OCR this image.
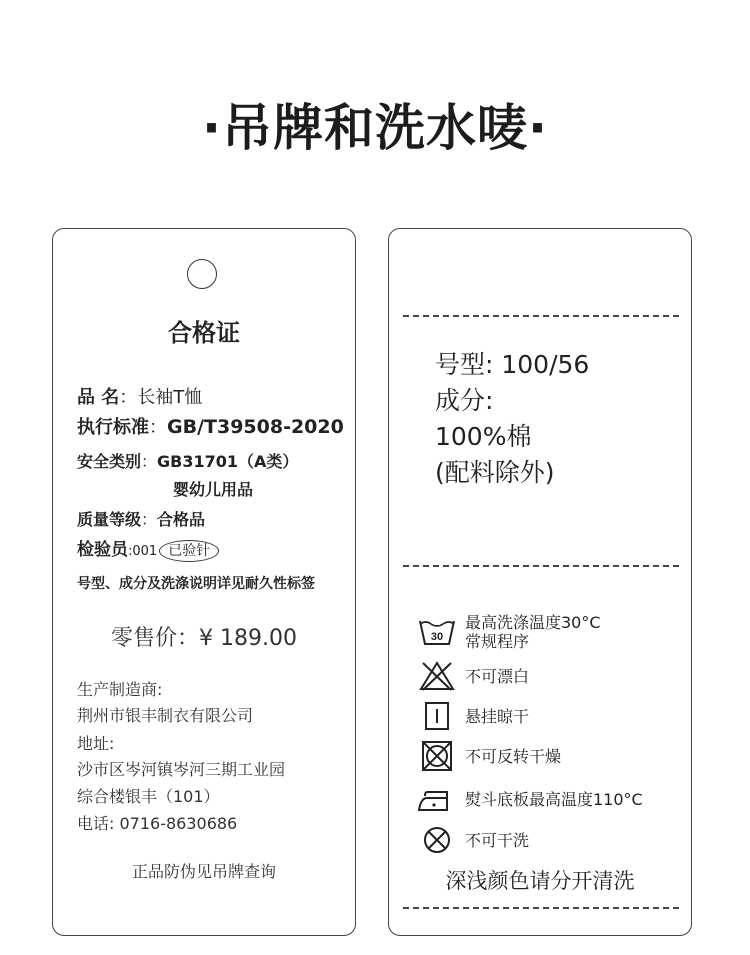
·吊牌和洗水唛·
合格证
品 名：长袖T恤
执行标准：GB/T39508-2020
安全类别：GB31701（A类）
婴幼儿用品
质量等级：合格品
检验员:001 已验针
号型、成分及洗涤说明详见耐久性标签
零售价：¥ 189.00
生产制造商:
荆州市银丰制衣有限公司
地址:
沙市区岑河镇岑河三期工业园
综合楼银丰（101）
电话: 0716-8630686
正品防伪见吊牌查询
号型: 100/56
成分:
100%棉
(配料除外)
30
最高洗涤温度30°C
常规程序
不可漂白
悬挂晾干
不可反转干燥
熨斗底板最高温度110°C
不可干洗
深浅颜色请分开清洗
